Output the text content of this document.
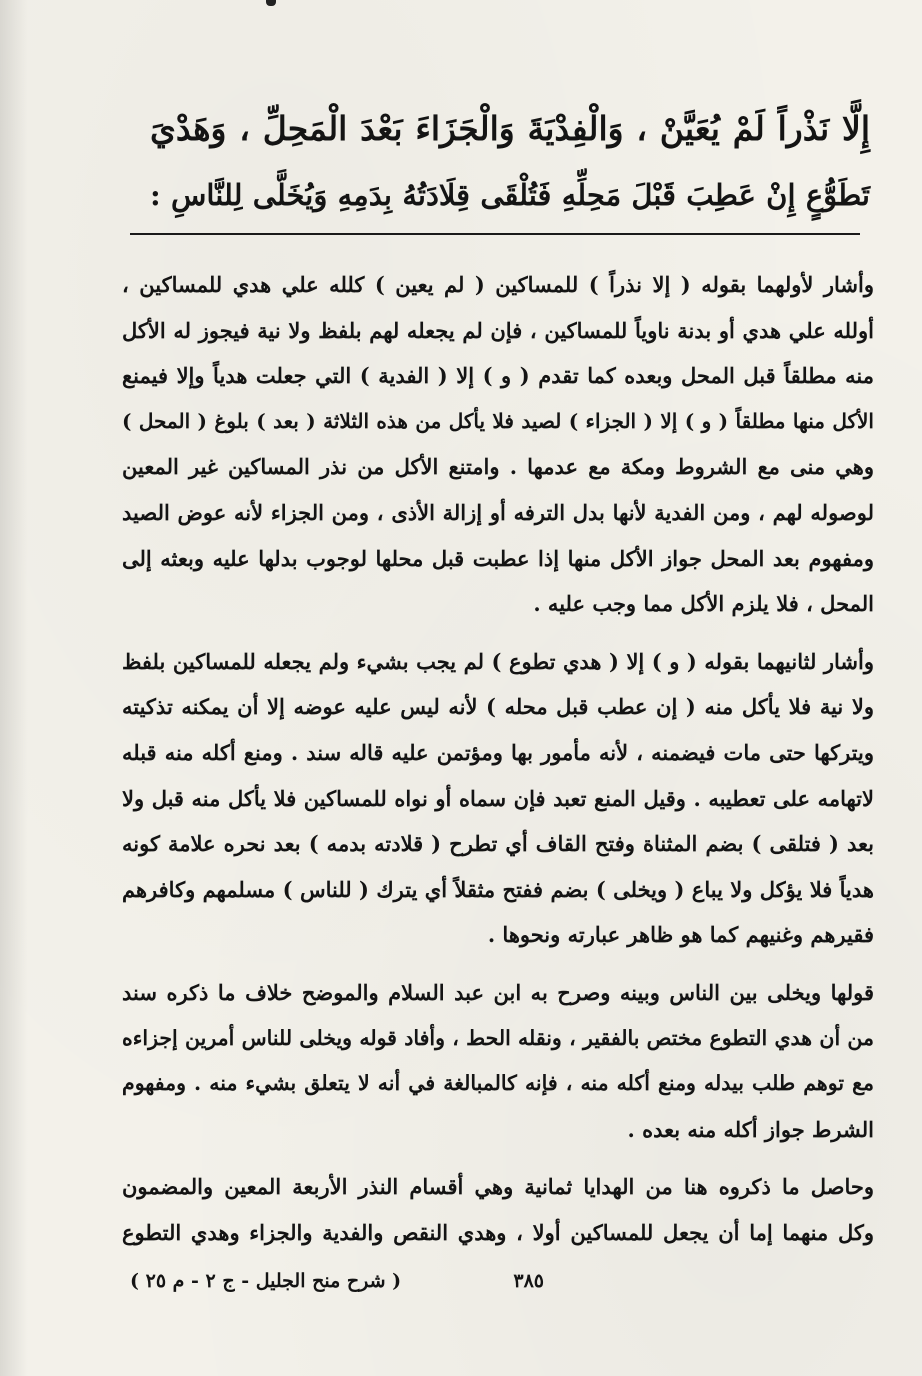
إِلَّا نَذْراً لَمْ يُعَيَّنْ ، وَالْفِدْيَةَ وَالْجَزَاءَ بَعْدَ الْمَحِلِّ ، وَهَدْيَ
تَطَوُّعٍ إِنْ عَطِبَ قَبْلَ مَحِلِّهِ فَتُلْقَى قِلَادَتُهُ بِدَمِهِ وَيُخَلَّى لِلنَّاسِ :
وأشار لأولهما بقوله ( إلا نذراً ) للمساكين ( لم يعين ) كلله علي هدي للمساكين ،
أولله علي هدي أو بدنة ناوياً للمساكين ، فإن لم يجعله لهم بلفظ ولا نية فيجوز له الأكل
منه مطلقاً قبل المحل وبعده كما تقدم ( و ) إلا ( الفدية ) التي جعلت هدياً وإلا فيمنع
الأكل منها مطلقاً ( و ) إلا ( الجزاء ) لصيد فلا يأكل من هذه الثلاثة ( بعد ) بلوغ ( المحل )
وهي منى مع الشروط ومكة مع عدمها . وامتنع الأكل من نذر المساكين غير المعين
لوصوله لهم ، ومن الفدية لأنها بدل الترفه أو إزالة الأذى ، ومن الجزاء لأنه عوض الصيد
ومفهوم بعد المحل جواز الأكل منها إذا عطبت قبل محلها لوجوب بدلها عليه وبعثه إلى
المحل ، فلا يلزم الأكل مما وجب عليه .
وأشار لثانيهما بقوله ( و ) إلا ( هدي تطوع ) لم يجب بشيء ولم يجعله للمساكين بلفظ
ولا نية فلا يأكل منه ( إن عطب قبل محله ) لأنه ليس عليه عوضه إلا أن يمكنه تذكيته
ويتركها حتى مات فيضمنه ، لأنه مأمور بها ومؤتمن عليه قاله سند . ومنع أكله منه قبله
لاتهامه على تعطيبه . وقيل المنع تعبد فإن سماه أو نواه للمساكين فلا يأكل منه قبل ولا
بعد ( فتلقى ) بضم المثناة وفتح القاف أي تطرح ( قلادته بدمه ) بعد نحره علامة كونه
هدياً فلا يؤكل ولا يباع ( ويخلى ) بضم ففتح مثقلاً أي يترك ( للناس ) مسلمهم وكافرهم
فقيرهم وغنيهم كما هو ظاهر عبارته ونحوها .
قولها ويخلى بين الناس وبينه وصرح به ابن عبد السلام والموضح خلاف ما ذكره سند
من أن هدي التطوع مختص بالفقير ، ونقله الحط ، وأفاد قوله ويخلى للناس أمرين إجزاءه
مع توهم طلب بيدله ومنع أكله منه ، فإنه كالمبالغة في أنه لا يتعلق بشيء منه . ومفهوم
الشرط جواز أكله منه بعده .
وحاصل ما ذكروه هنا من الهدايا ثمانية وهي أقسام النذر الأربعة المعين والمضمون
وكل منهما إما أن يجعل للمساكين أولا ، وهدي النقص والفدية والجزاء وهدي التطوع
٣٨٥
( شرح منح الجليل - ج ٢ - م ٢٥ )
